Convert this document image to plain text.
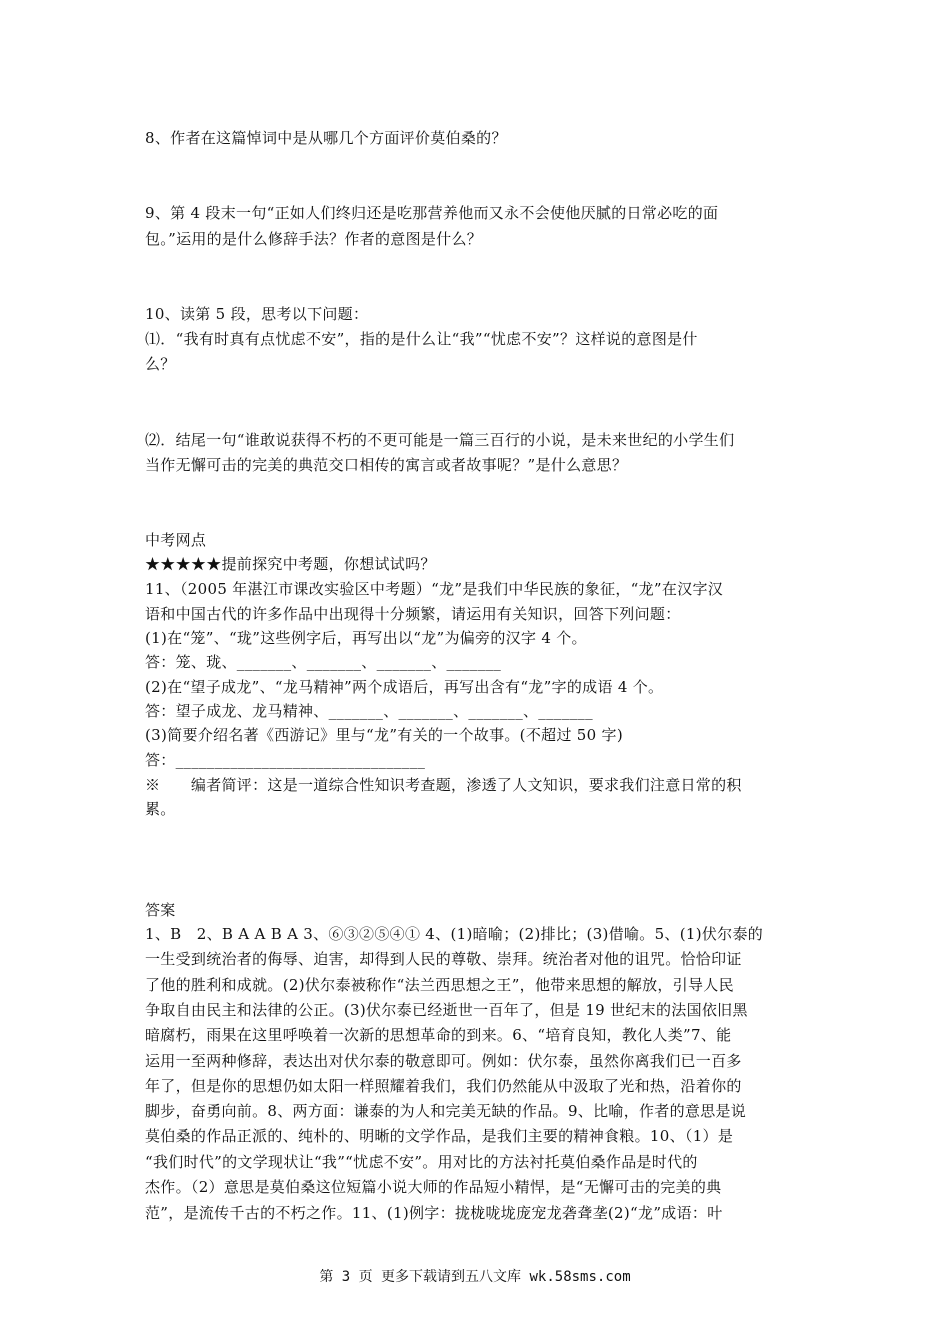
8、作者在这篇悼词中是从哪几个方面评价莫伯桑的？
9、第 4 段末一句“正如人们终归还是吃那营养他而又永不会使他厌腻的日常必吃的面
包。”运用的是什么修辞手法？作者的意图是什么？
10、读第 5 段，思考以下问题：
⑴．“我有时真有点忧虑不安”，指的是什么让“我”“忧虑不安”？这样说的意图是什
么？
⑵．结尾一句“谁敢说获得不朽的不更可能是一篇三百行的小说，是未来世纪的小学生们
当作无懈可击的完美的典范交口相传的寓言或者故事呢？”是什么意思？
中考网点
★★★★★提前探究中考题，你想试试吗？
11、（2005 年湛江市课改实验区中考题）“龙”是我们中华民族的象征，“龙”在汉字汉
语和中国古代的许多作品中出现得十分频繁，请运用有关知识，回答下列问题：
(1)在“笼”、“珑”这些例字后，再写出以“龙”为偏旁的汉字 4 个。
答：笼、珑、_______、_______、_______、_______
(2)在“望子成龙”、“龙马精神”两个成语后，再写出含有“龙”字的成语 4 个。
答：望子成龙、龙马精神、_______、_______、_______、_______
(3)简要介绍名著《西游记》里与“龙”有关的一个故事。(不超过 50 字)
答：________________________________
※　　编者简评：这是一道综合性知识考查题，渗透了人文知识，要求我们注意日常的积
累。
答案
1、B　2、B A A B A 3、⑥③②⑤④① 4、(1)暗喻；(2)排比；(3)借喻。5、(1)伏尔泰的
一生受到统治者的侮辱、迫害，却得到人民的尊敬、崇拜。统治者对他的诅咒。恰恰印证
了他的胜利和成就。(2)伏尔泰被称作“法兰西思想之王”，他带来思想的解放，引导人民
争取自由民主和法律的公正。(3)伏尔泰已经逝世一百年了，但是 19 世纪末的法国依旧黑
暗腐朽，雨果在这里呼唤着一次新的思想革命的到来。6、“培育良知，教化人类”7、能
运用一至两种修辞，表达出对伏尔泰的敬意即可。例如：伏尔泰，虽然你离我们已一百多
年了，但是你的思想仍如太阳一样照耀着我们，我们仍然能从中汲取了光和热，沿着你的
脚步，奋勇向前。8、两方面：谦泰的为人和完美无缺的作品。9、比喻，作者的意思是说
莫伯桑的作品正派的、纯朴的、明晰的文学作品，是我们主要的精神食粮。10、（1）是
“我们时代”的文学现状让“我”“忧虑不安”。用对比的方法衬托莫伯桑作品是时代的
杰作。（2）意思是莫伯桑这位短篇小说大师的作品短小精悍，是“无懈可击的完美的典
范”，是流传千古的不朽之作。11、(1)例字：拢栊咙垅庞宠龙砻聋垄(2)“龙”成语：叶
第 3 页 更多下载请到五八文库 wk.58sms.com
